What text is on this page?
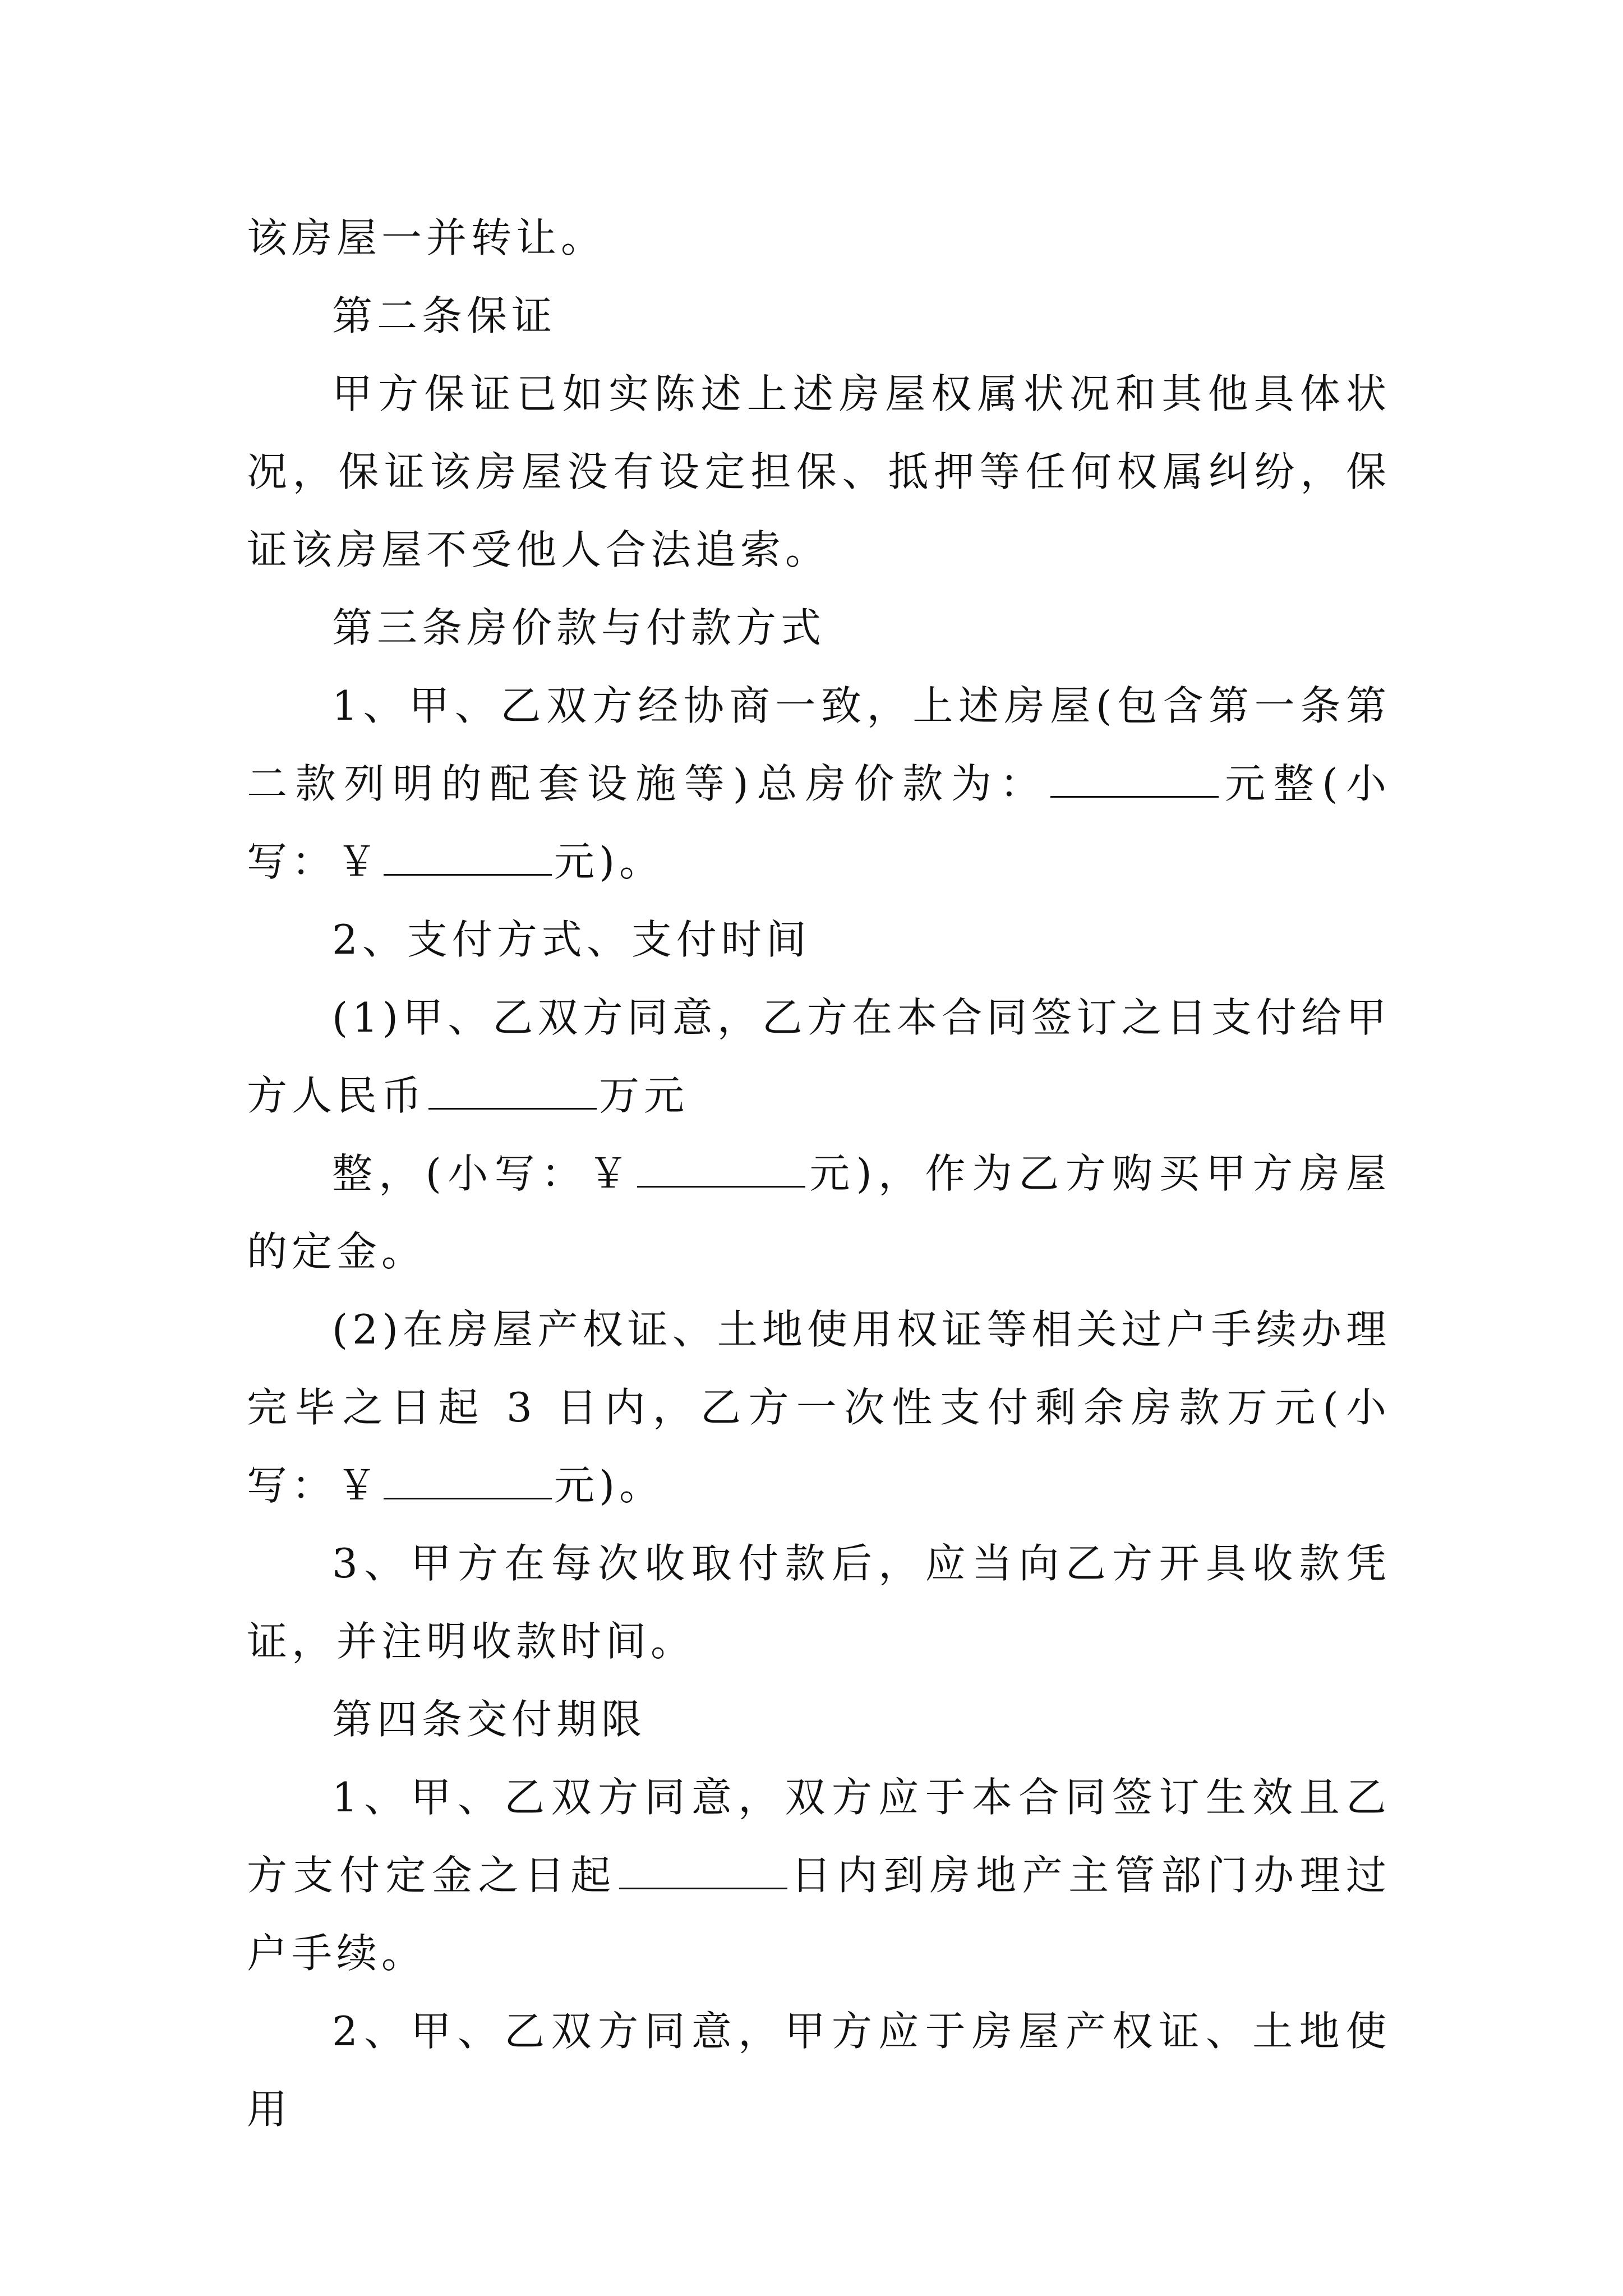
该房屋一并转让。

第二条保证

甲方保证已如实陈述上述房屋权属状况和其他具体状况，保证该房屋没有设定担保、抵押等任何权属纠纷，保证该房屋不受他人合法追索。

第三条房价款与付款方式

1、甲、乙双方经协商一致，上述房屋(包含第一条第二款列明的配套设施等)总房价款为：	元整(小写：￥	元)。

2、支付方式、支付时间

(1)甲、乙双方同意，乙方在本合同签订之日支付给甲方人民币	万元

整，(小写：￥	元)，作为乙方购买甲方房屋的定金。

(2)在房屋产权证、土地使用权证等相关过户手续办理完毕之日起 3 日内，乙方一次性支付剩余房款万元(小写：￥	元)。

3、甲方在每次收取付款后，应当向乙方开具收款凭证，并注明收款时间。

第四条交付期限

1、甲、乙双方同意，双方应于本合同签订生效且乙方支付定金之日起	日内到房地产主管部门办理过户手续。

2、甲、乙双方同意，甲方应于房屋产权证、土地使用
